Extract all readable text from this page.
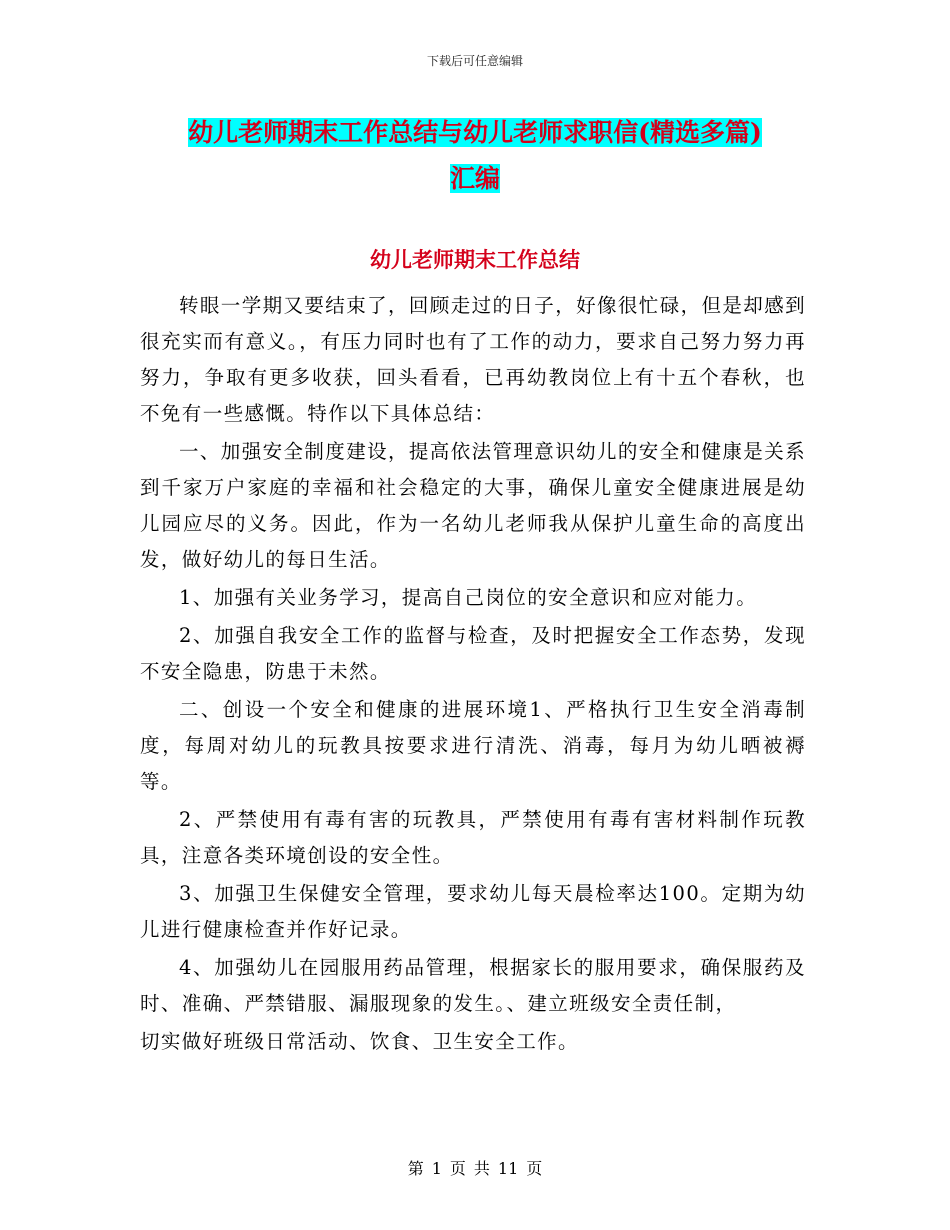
下载后可任意编辑
幼儿老师期末工作总结与幼儿老师求职信(精选多篇)
汇编
幼儿老师期末工作总结

转眼一学期又要结束了，回顾走过的日子，好像很忙碌，但是却感到很充实而有意义。，有压力同时也有了工作的动力，要求自己努力努力再努力，争取有更多收获，回头看看，已再幼教岗位上有十五个春秋，也不免有一些感慨。特作以下具体总结：

一、加强安全制度建设，提高依法管理意识幼儿的安全和健康是关系到千家万户家庭的幸福和社会稳定的大事，确保儿童安全健康进展是幼儿园应尽的义务。因此，作为一名幼儿老师我从保护儿童生命的高度出发，做好幼儿的每日生活。

1、加强有关业务学习，提高自己岗位的安全意识和应对能力。

2、加强自我安全工作的监督与检查，及时把握安全工作态势，发现不安全隐患，防患于未然。

二、创设一个安全和健康的进展环境1、严格执行卫生安全消毒制度，每周对幼儿的玩教具按要求进行清洗、消毒，每月为幼儿晒被褥等。

2、严禁使用有毒有害的玩教具，严禁使用有毒有害材料制作玩教具，注意各类环境创设的安全性。

3、加强卫生保健安全管理，要求幼儿每天晨检率达100。定期为幼儿进行健康检查并作好记录。

4、加强幼儿在园服用药品管理，根据家长的服用要求，确保服药及时、准确、严禁错服、漏服现象的发生。、建立班级安全责任制，

切实做好班级日常活动、饮食、卫生安全工作。

第 1 页 共 11 页
